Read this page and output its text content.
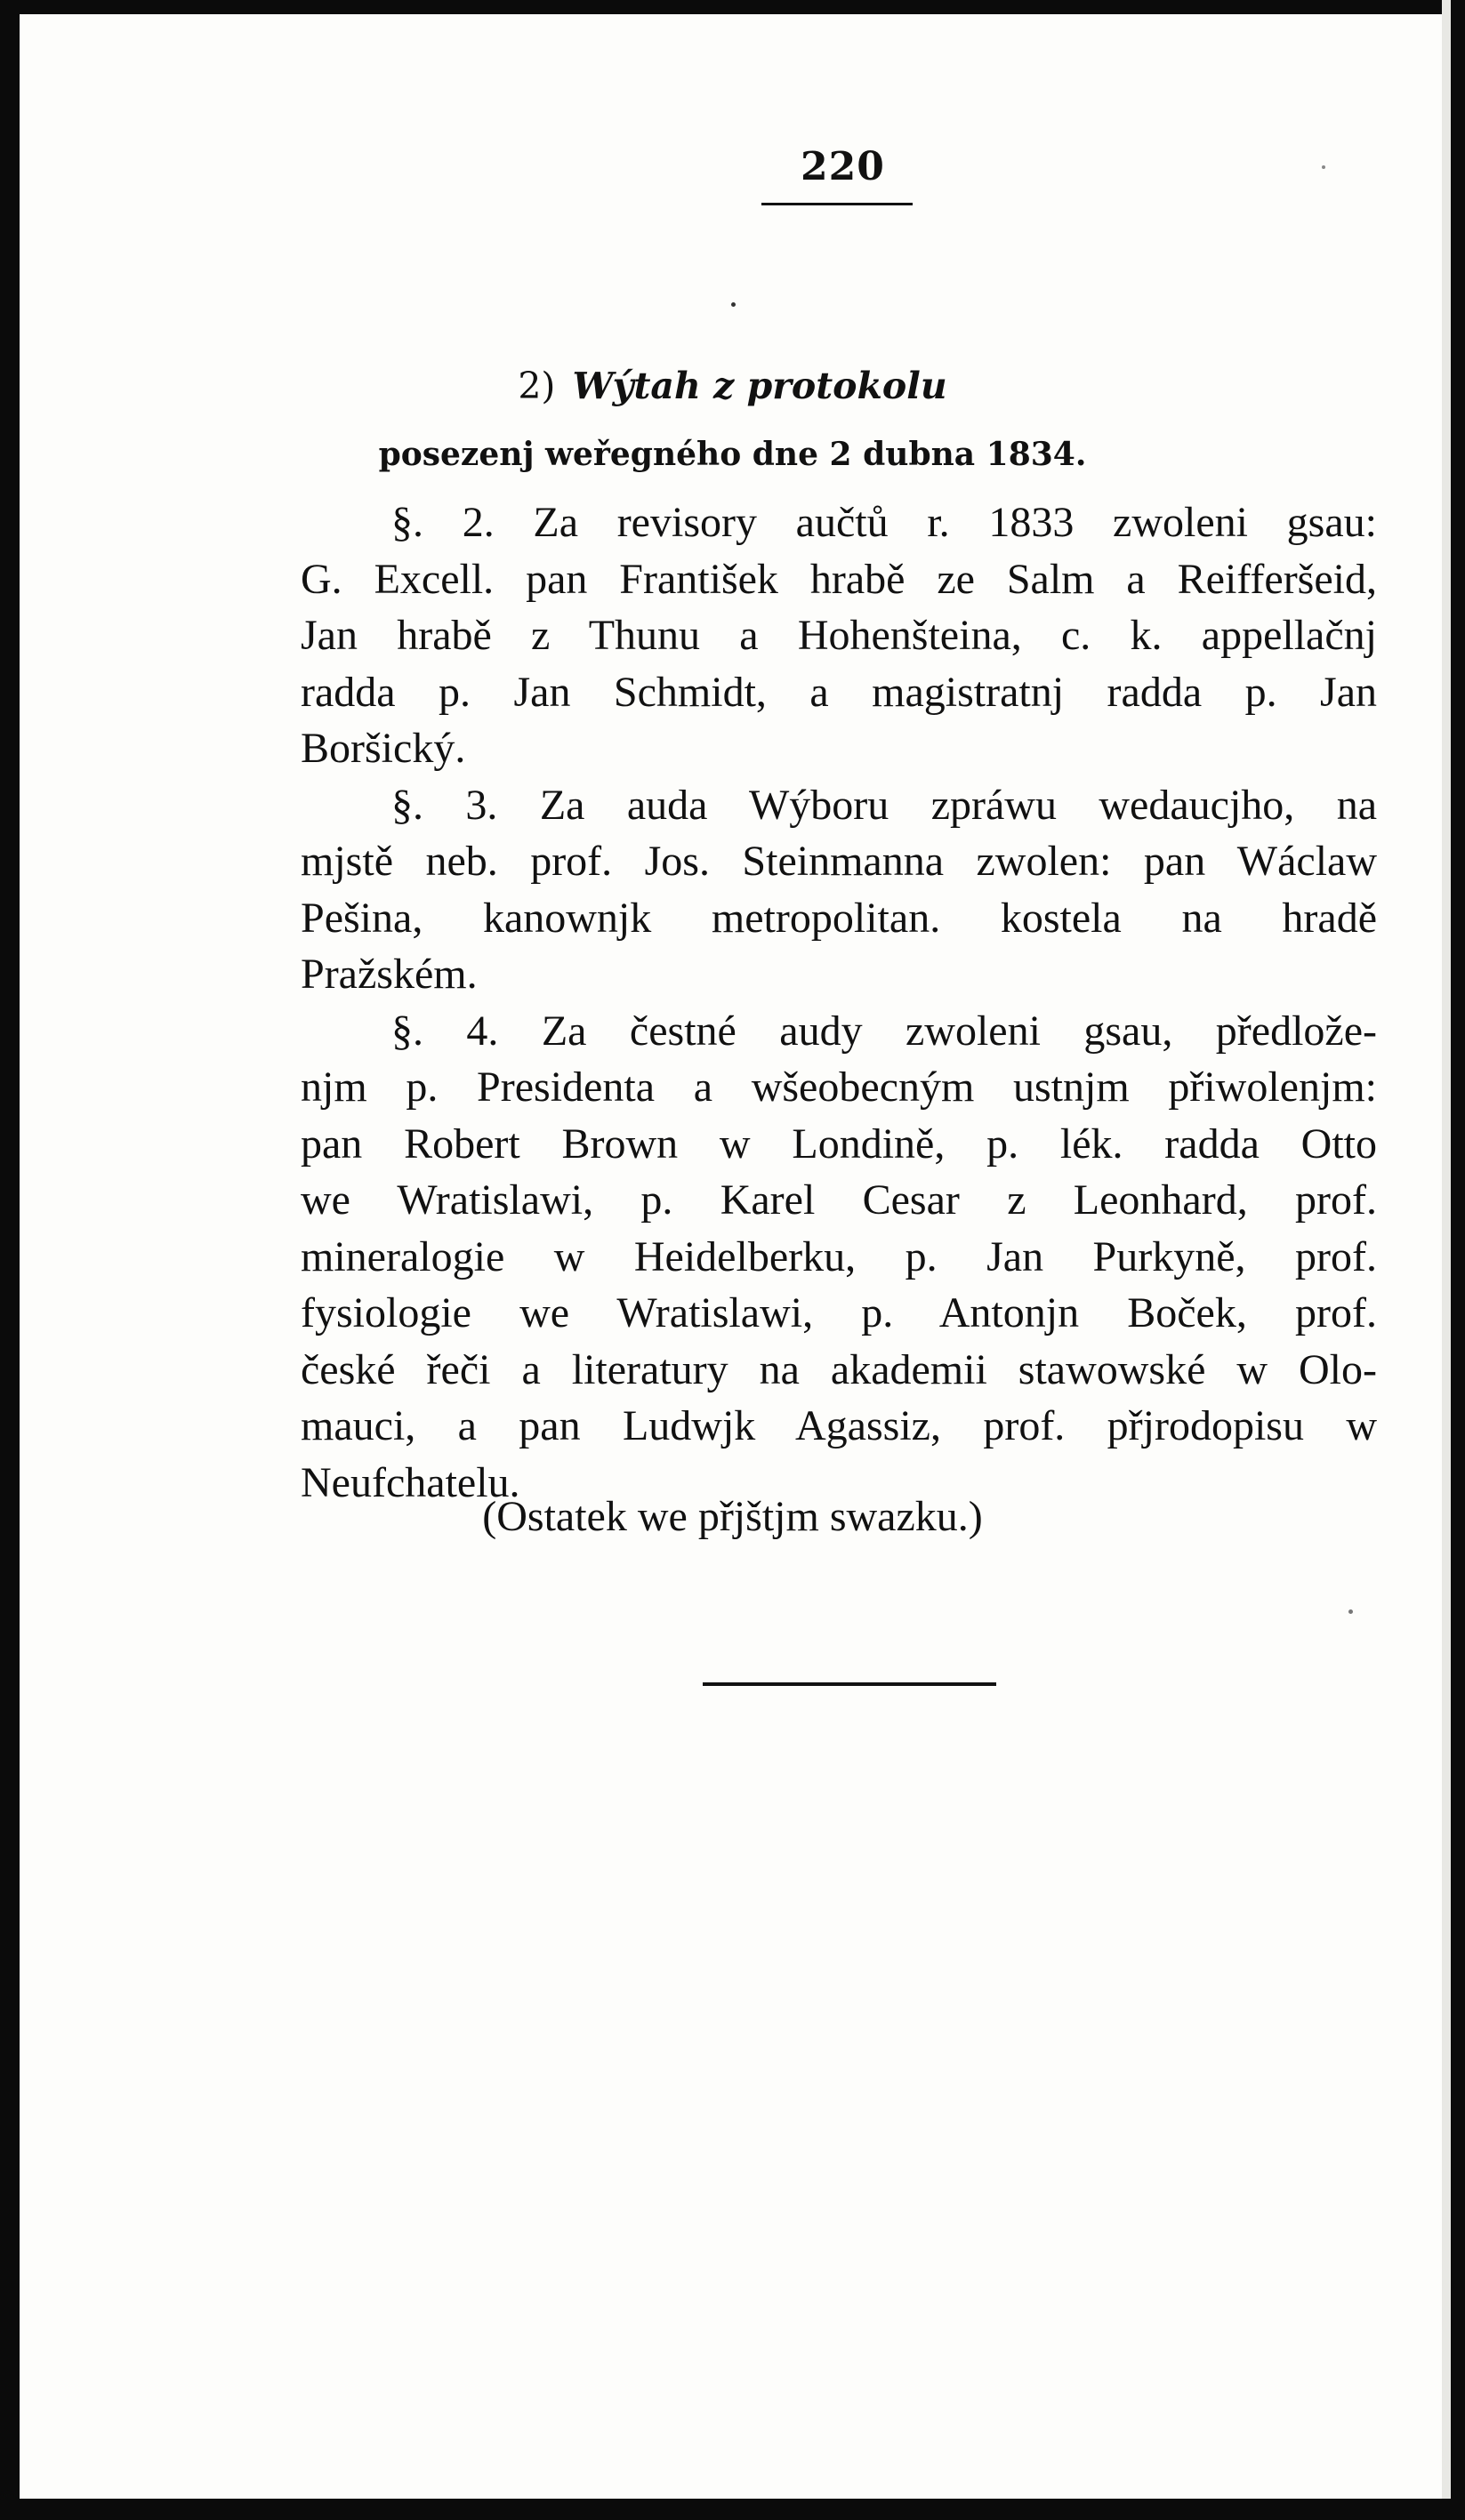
220
2) Wýtah z protokolu
posezenj weřegného dne 2 dubna 1834.
§. 2. Za revisory aučtů r. 1833 zwoleni gsau:
G. Excell. pan František hrabě ze Salm a Reifferšeid,
Jan hrabě z Thunu a Hohenšteina, c. k. appellačnj
radda p. Jan Schmidt, a magistratnj radda p. Jan
Boršický.
§. 3. Za auda Wýboru zpráwu wedaucjho, na
mjstě neb. prof. Jos. Steinmanna zwolen: pan Wáclaw
Pešina, kanownjk metropolitan. kostela na hradě
Pražském.
§. 4. Za čestné audy zwoleni gsau, předlože-
njm p. Presidenta a wšeobecným ustnjm přiwolenjm:
pan Robert Brown w Londině, p. lék. radda Otto
we Wratislawi, p. Karel Cesar z Leonhard, prof.
mineralogie w Heidelberku, p. Jan Purkyně, prof.
fysiologie we Wratislawi, p. Antonjn Boček, prof.
české řeči a literatury na akademii stawowské w Olo-
mauci, a pan Ludwjk Agassiz, prof. přjrodopisu w
Neufchatelu.
(Ostatek we přjštjm swazku.)
